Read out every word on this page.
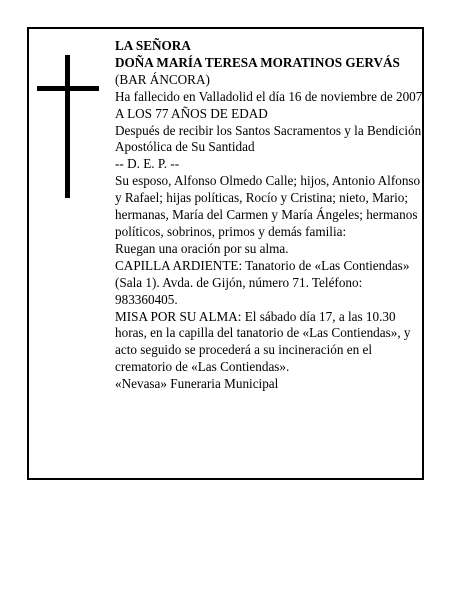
LA SEÑORA

DOÑA MARÍA TERESA MORATINOS GERVÁS

(BAR ÁNCORA)

Ha fallecido en Valladolid el día 16 de noviembre de 2007

A LOS 77 AÑOS DE EDAD

Después de recibir los Santos Sacramentos y la Bendición Apostólica de Su Santidad

-- D. E. P. --

Su esposo, Alfonso Olmedo Calle; hijos, Antonio Alfonso y Rafael; hijas políticas, Rocío y Cristina; nieto, Mario; hermanas, María del Carmen y María Ángeles; hermanos políticos, sobrinos, primos y demás familia:

Ruegan una oración por su alma.

CAPILLA ARDIENTE: Tanatorio de «Las Contiendas» (Sala 1). Avda. de Gijón, número 71. Teléfono: 983360405.

MISA POR SU ALMA: El sábado día 17, a las 10.30 horas, en la capilla del tanatorio de «Las Contiendas», y acto seguido se procederá a su incineración en el crematorio de «Las Contiendas».

«Nevasa» Funeraria Municipal
